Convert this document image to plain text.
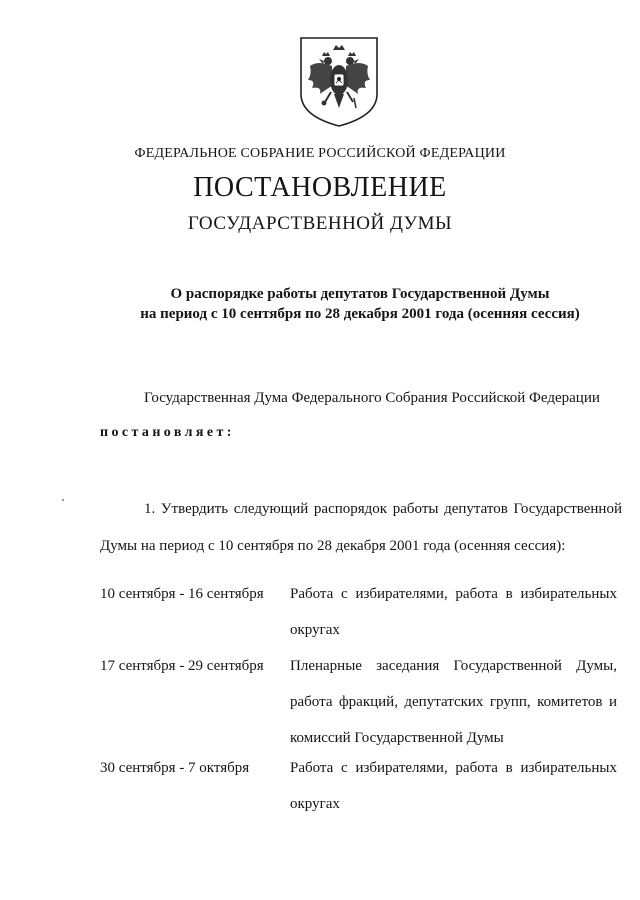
ФЕДЕРАЛЬНОЕ СОБРАНИЕ РОССИЙСКОЙ ФЕДЕРАЦИИ
ПОСТАНОВЛЕНИЕ
ГОСУДАРСТВЕННОЙ ДУМЫ
О распорядке работы депутатов Государственной Думы
на период с 10 сентября по 28 декабря 2001 года (осенняя сессия)
Государственная Дума Федерального Собрания Российской Федерации
постановляет:
1. Утвердить следующий распорядок работы депутатов Государственной Думы на период с 10 сентября по 28 декабря 2001 года (осенняя сессия):
10 сентября - 16 сентября Работа с избирателями, работа в избирательных округах
17 сентября - 29 сентября Пленарные заседания Государственной Думы, работа фракций, депутатских групп, комитетов и комиссий Государственной Думы
30 сентября - 7 октября	Работа с избирателями, работа в избирательных округах
